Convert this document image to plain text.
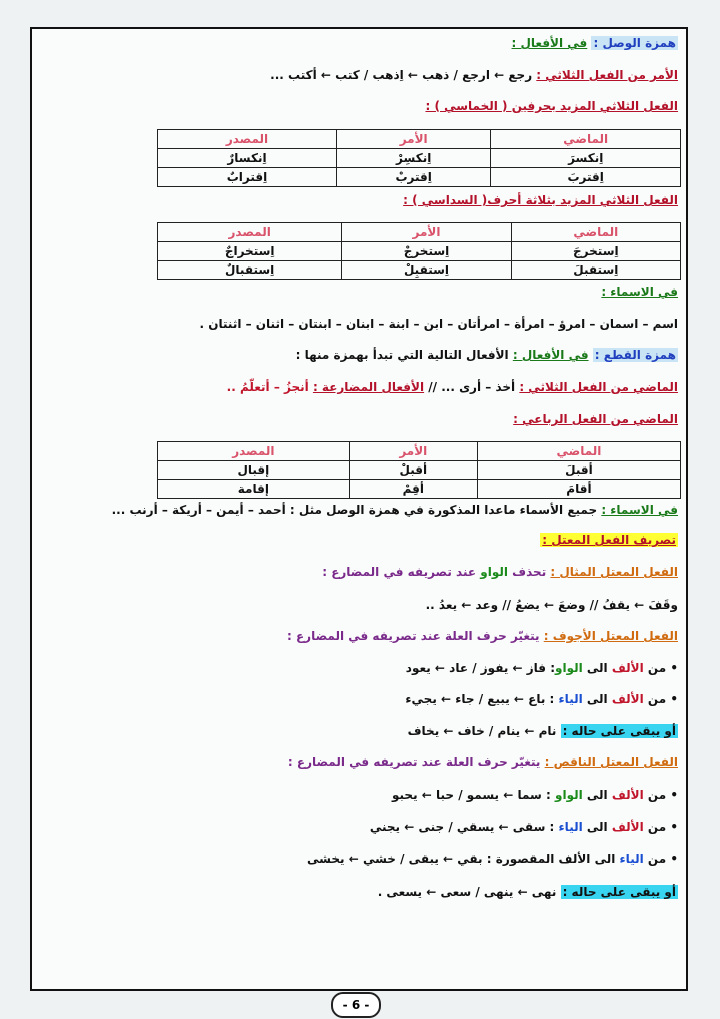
همزة الوصل : في الأفعال :
الأمر من الفعل الثلاثي : رجع ← ارجع / ذهب ← اِذهب / كتب ← أكتب ...
الفعل الثلاثي المزيد بحرفين ( الخماسي ) :
الماضي	الأمر	المصدر
اِنكسرَ	اِنكسِرْ	اِنكسارٌ
اِقتربَ	اِقتربْ	اِقترابٌ
الفعل الثلاثي المزيد بثلاثة أحرف( السداسي ) :
الماضي	الأمر	المصدر
اِستخرجَ	اِستخرجْ	اِستخراجٌ
اِستقبلَ	اِستقبِلْ	اِستقبالٌ
في الاسماء :
اسم – اسمان – امرؤ – امرأة – امرأتان – ابن – ابنة – ابنان – ابنتان – اثنان – اثنتان .
همزة القطع : في الأفعال : الأفعال التالية التي تبدأ بهمزة منها :
الماضي من الفعل الثلاثي : أخذ – أرى ... // الأفعال المضارعة : أنجزُ – أتعلّمُ ..
الماضي من الفعل الرباعي :
الماضي	الأمر	المصدر
أقبلَ	أقبلْ	إقبال
أقامَ	أقِمْ	إقامة
في الاسماء : جميع الأسماء ماعدا المذكورة في همزة الوصل مثل : أحمد – أيمن – أريكة – أرنب ...
تصريف الفعل المعتل :
الفعل المعتل المثال : تحذف الواو عند تصريفه في المضارع :
وقَفَ ← يقفُ // وضعَ ← يضعُ // وعد ← يعدُ ..
الفعل المعتل الأجوف : يتغيّر حرف العلة عند تصريفه في المضارع :
• من الألف الى الواو: فاز ← يفوز / عاد ← يعود
• من الألف الى الياء : باع ← يبيع / جاء ← يجيء
أو يبقى على حاله : نام ← ينام / خاف ← يخاف
الفعل المعتل الناقص : يتغيّر حرف العلة عند تصريفه في المضارع :
• من الألف الى الواو : سما ← يسمو / حبا ← يحبو
• من الألف الى الياء : سقى ← يسقي / جنى ← يجني
• من الياء الى الألف المقصورة : بقي ← يبقى / خشي ← يخشى
أو يبقى على حاله : نهى ← ينهى / سعى ← يسعى .
- 6 -
